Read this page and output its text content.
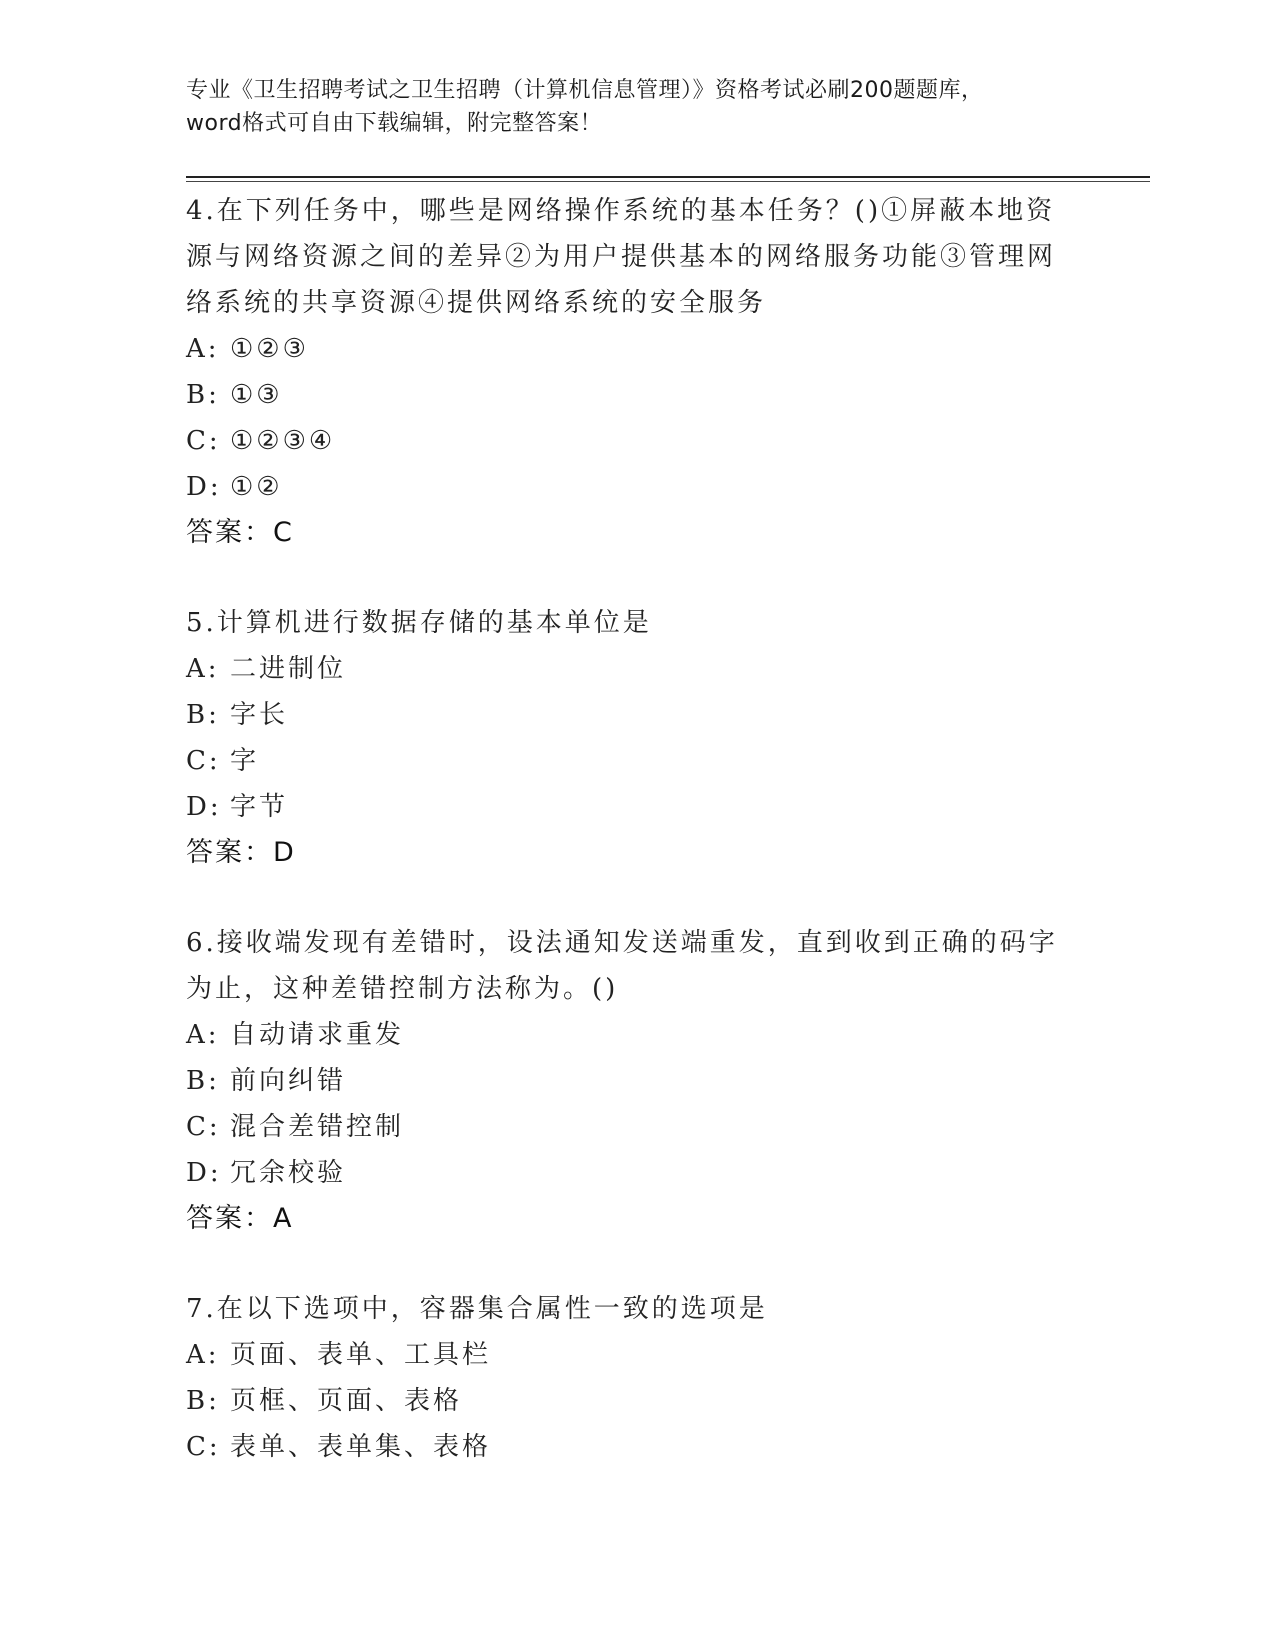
专业《卫生招聘考试之卫生招聘（计算机信息管理）》资格考试必刷200题题库，
word格式可自由下载编辑，附完整答案！
4.在下列任务中，哪些是网络操作系统的基本任务？()①屏蔽本地资
源与网络资源之间的差异②为用户提供基本的网络服务功能③管理网
络系统的共享资源④提供网络系统的安全服务
A: ①②③
B: ①③
C: ①②③④
D: ①②
答案：C
5.计算机进行数据存储的基本单位是
A: 二进制位
B: 字长
C: 字
D: 字节
答案：D
6.接收端发现有差错时，设法通知发送端重发，直到收到正确的码字
为止，这种差错控制方法称为。()
A: 自动请求重发
B: 前向纠错
C: 混合差错控制
D: 冗余校验
答案：A
7.在以下选项中，容器集合属性一致的选项是
A: 页面、表单、工具栏
B: 页框、页面、表格
C: 表单、表单集、表格
